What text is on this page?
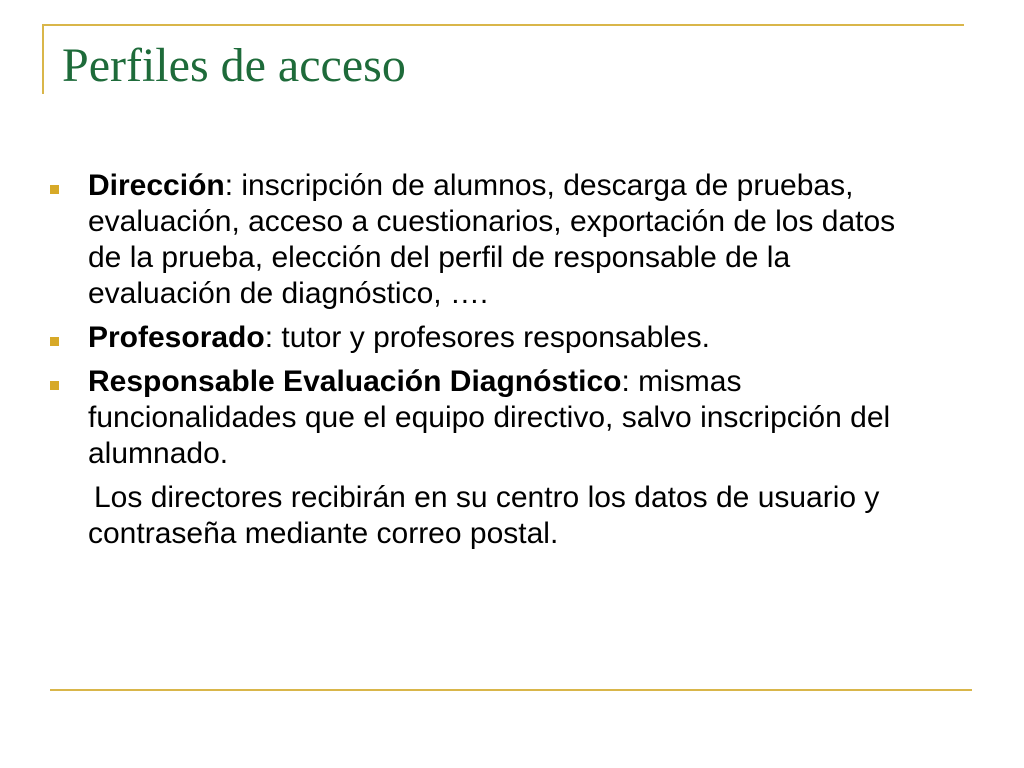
Perfiles de acceso
Dirección: inscripción de alumnos, descarga de pruebas, evaluación, acceso a cuestionarios, exportación de los datos de la prueba, elección del perfil de responsable de la evaluación de diagnóstico, ….
Profesorado: tutor y profesores responsables.
Responsable Evaluación Diagnóstico: mismas funcionalidades que el equipo directivo, salvo inscripción del alumnado.
Los directores recibirán en su centro los datos de usuario y contraseña mediante correo postal.
